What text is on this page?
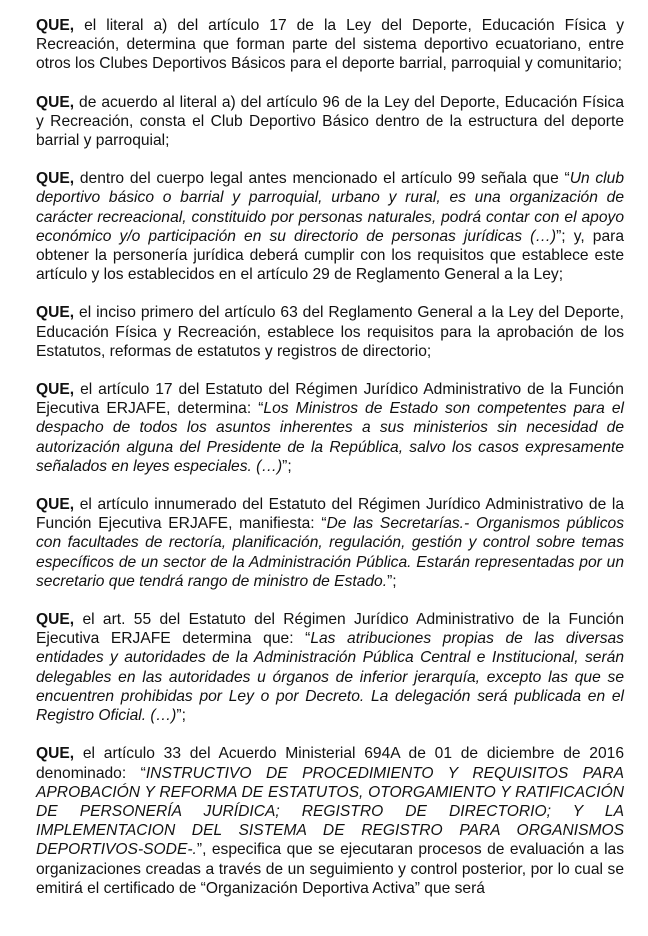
QUE, el literal a) del artículo 17 de la Ley del Deporte, Educación Física y Recreación, determina que forman parte del sistema deportivo ecuatoriano, entre otros los Clubes Deportivos Básicos para el deporte barrial, parroquial y comunitario;

QUE, de acuerdo al literal a) del artículo 96 de la Ley del Deporte, Educación Física y Recreación, consta el Club Deportivo Básico dentro de la estructura del deporte barrial y parroquial;

QUE, dentro del cuerpo legal antes mencionado el artículo 99 señala que “Un club deportivo básico o barrial y parroquial, urbano y rural, es una organización de carácter recreacional, constituido por personas naturales, podrá contar con el apoyo económico y/o participación en su directorio de personas jurídicas (…)”; y, para obtener la personería jurídica deberá cumplir con los requisitos que establece este artículo y los establecidos en el artículo 29 de Reglamento General a la Ley;

QUE, el inciso primero del artículo 63 del Reglamento General a la Ley del Deporte, Educación Física y Recreación, establece los requisitos para la aprobación de los Estatutos, reformas de estatutos y registros de directorio;

QUE, el artículo 17 del Estatuto del Régimen Jurídico Administrativo de la Función Ejecutiva ERJAFE, determina: “Los Ministros de Estado son competentes para el despacho de todos los asuntos inherentes a sus ministerios sin necesidad de autorización alguna del Presidente de la República, salvo los casos expresamente señalados en leyes especiales. (…)”;

QUE, el artículo innumerado del Estatuto del Régimen Jurídico Administrativo de la Función Ejecutiva ERJAFE, manifiesta: “De las Secretarías.- Organismos públicos con facultades de rectoría, planificación, regulación, gestión y control sobre temas específicos de un sector de la Administración Pública. Estarán representadas por un secretario que tendrá rango de ministro de Estado.”;

QUE, el art. 55 del Estatuto del Régimen Jurídico Administrativo de la Función Ejecutiva ERJAFE determina que: “Las atribuciones propias de las diversas entidades y autoridades de la Administración Pública Central e Institucional, serán delegables en las autoridades u órganos de inferior jerarquía, excepto las que se encuentren prohibidas por Ley o por Decreto. La delegación será publicada en el Registro Oficial. (…)”;

QUE, el artículo 33 del Acuerdo Ministerial 694A de 01 de diciembre de 2016 denominado: “INSTRUCTIVO DE PROCEDIMIENTO Y REQUISITOS PARA APROBACIÓN Y REFORMA DE ESTATUTOS, OTORGAMIENTO Y RATIFICACIÓN DE PERSONERÍA JURÍDICA; REGISTRO DE DIRECTORIO; Y LA IMPLEMENTACION DEL SISTEMA DE REGISTRO PARA ORGANISMOS DEPORTIVOS-SODE-.”, especifica que se ejecutaran procesos de evaluación a las organizaciones creadas a través de un seguimiento y control posterior, por lo cual se emitirá el certificado de “Organización Deportiva Activa” que será
